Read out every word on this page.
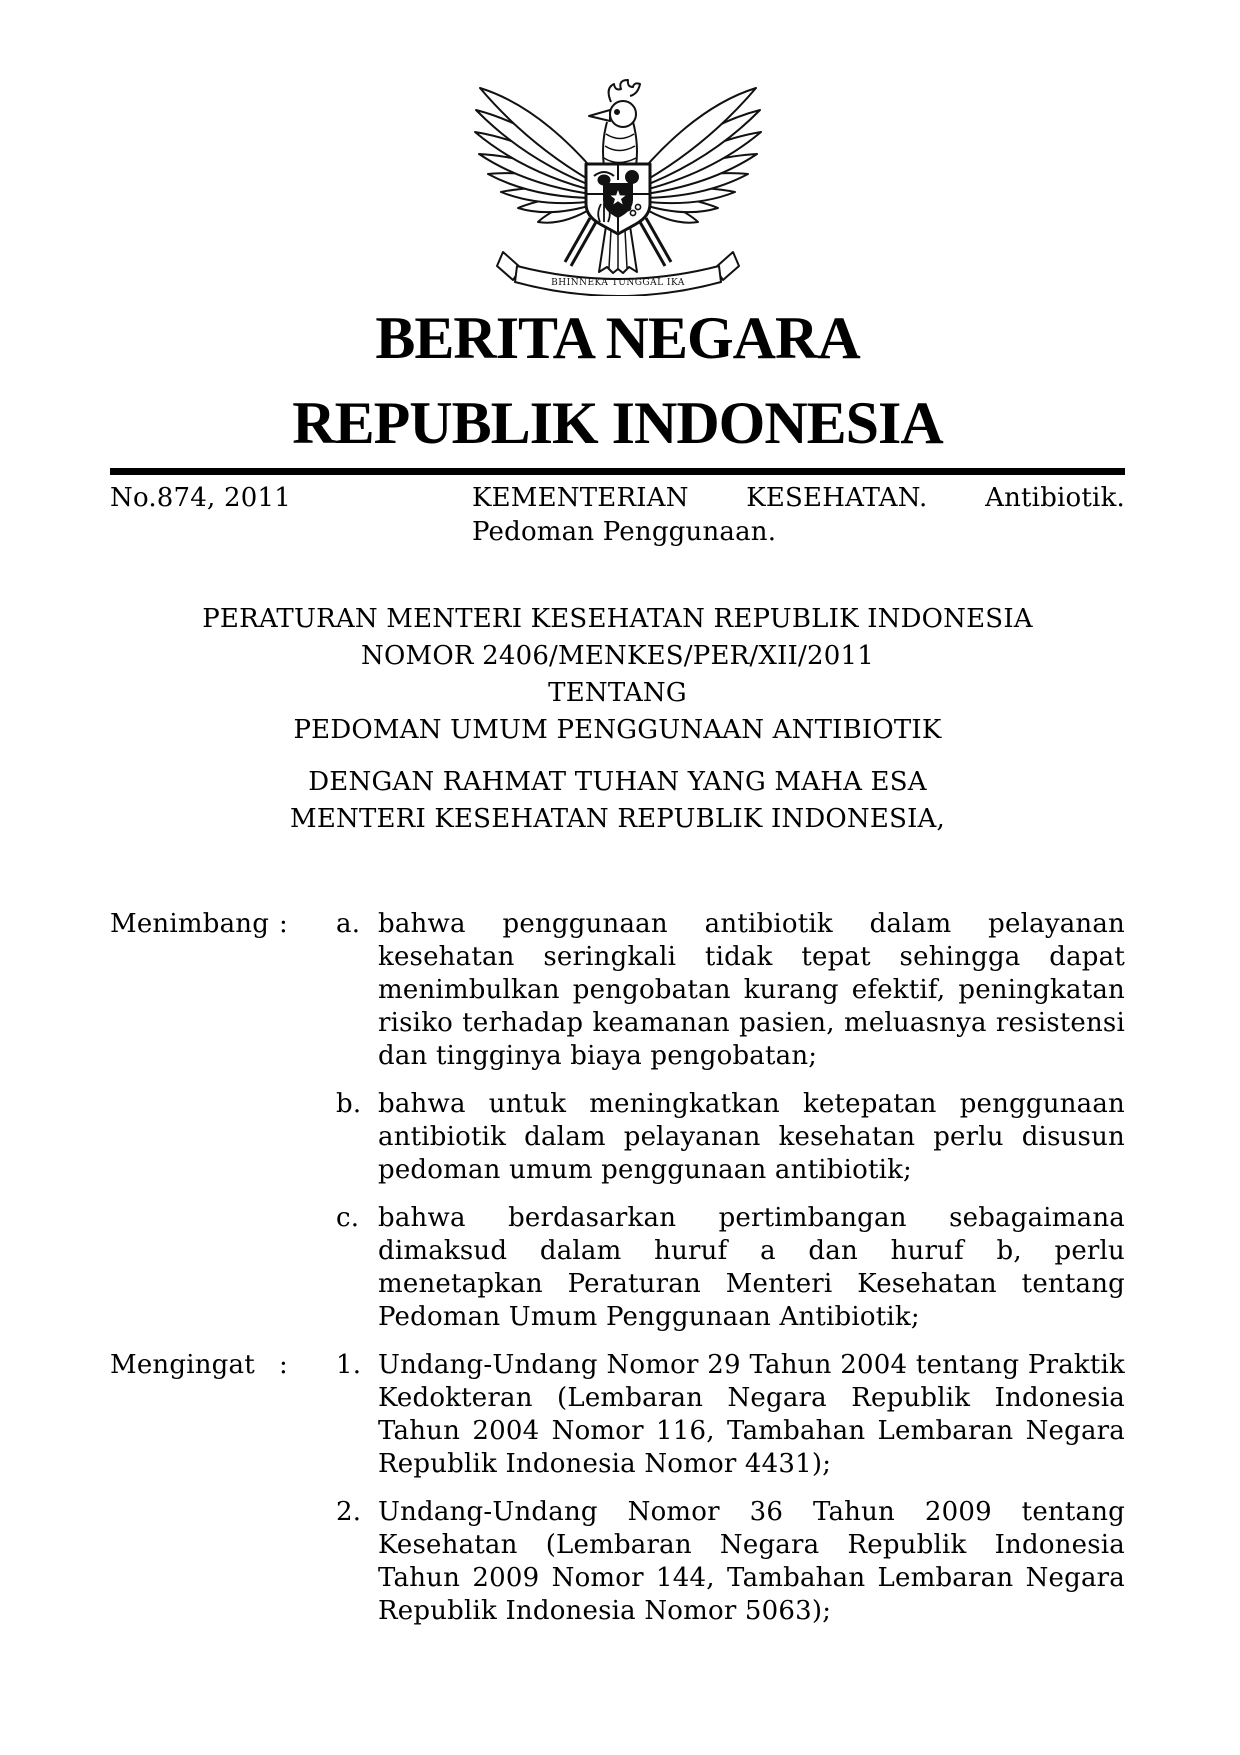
BHINNEKA TUNGGAL IKA
BERITA NEGARA
REPUBLIK INDONESIA
No.874, 2011	KEMENTERIAN KESEHATAN. Antibiotik.
Pedoman Penggunaan.
PERATURAN MENTERI KESEHATAN REPUBLIK INDONESIA
NOMOR 2406/MENKES/PER/XII/2011
TENTANG
PEDOMAN UMUM PENGGUNAAN ANTIBIOTIK
DENGAN RAHMAT TUHAN YANG MAHA ESA
MENTERI KESEHATAN REPUBLIK INDONESIA,
Menimbang :	a. bahwa penggunaan antibiotik dalam pelayanan kesehatan seringkali tidak tepat sehingga dapat menimbulkan pengobatan kurang efektif, peningkatan risiko terhadap keamanan pasien, meluasnya resistensi dan tingginya biaya pengobatan;
b. bahwa untuk meningkatkan ketepatan penggunaan antibiotik dalam pelayanan kesehatan perlu disusun pedoman umum penggunaan antibiotik;
c. bahwa berdasarkan pertimbangan sebagaimana dimaksud dalam huruf a dan huruf b, perlu menetapkan Peraturan Menteri Kesehatan tentang Pedoman Umum Penggunaan Antibiotik;
Mengingat :	1. Undang-Undang Nomor 29 Tahun 2004 tentang Praktik Kedokteran (Lembaran Negara Republik Indonesia Tahun 2004 Nomor 116, Tambahan Lembaran Negara Republik Indonesia Nomor 4431);
2. Undang-Undang Nomor 36 Tahun 2009 tentang Kesehatan (Lembaran Negara Republik Indonesia Tahun 2009 Nomor 144, Tambahan Lembaran Negara Republik Indonesia Nomor 5063);
